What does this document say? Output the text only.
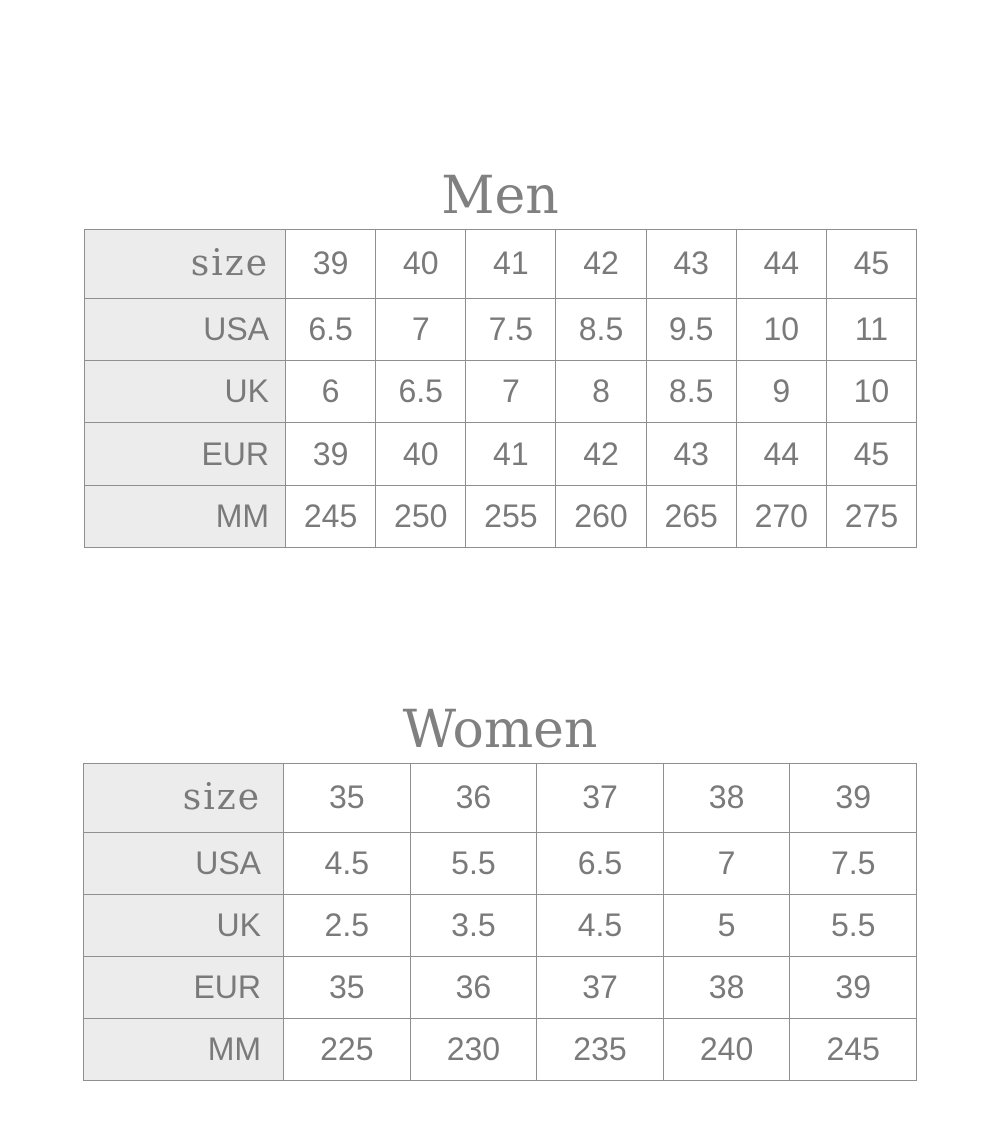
Men
size	39	40	41	42	43	44	45
USA	6.5	7	7.5	8.5	9.5	10	11
UK	6	6.5	7	8	8.5	9	10
EUR	39	40	41	42	43	44	45
MM	245	250	255	260	265	270	275
Women
size	35	36	37	38	39
USA	4.5	5.5	6.5	7	7.5
UK	2.5	3.5	4.5	5	5.5
EUR	35	36	37	38	39
MM	225	230	235	240	245
